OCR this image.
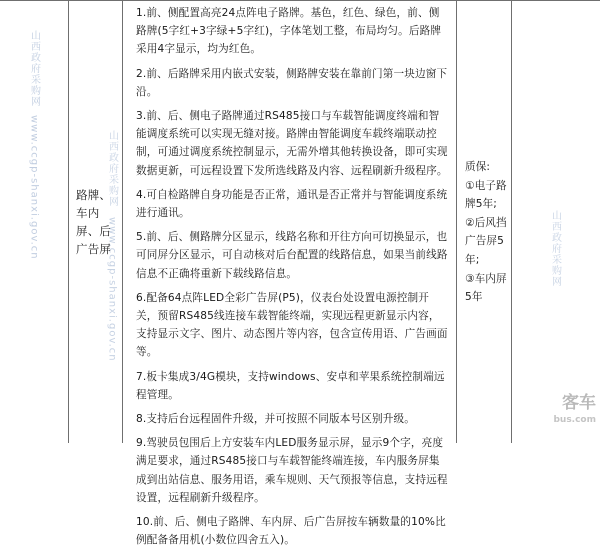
山西政府采购网
www.ccgp-shanxi.gov.cn	路牌、车内屏、后广告屏
山西政府采购网
www.ccgp-shanxi.gov.cn

1.前、侧配置高亮24点阵电子路牌。基色，红色、绿色，前、侧路牌(5字红+3字绿+5字红)，字体笔划工整，布局均匀。后路牌采用4字显示，均为红色。

2.前、后路牌采用内嵌式安装，侧路牌安装在靠前门第一块边窗下沿。

3.前、后、侧电子路牌通过RS485接口与车载智能调度终端和智能调度系统可以实现无缝对接。路牌由智能调度车载终端联动控制，可通过调度系统控制显示，无需外增其他转换设备，即可实现数据更新，可远程设置下发所选线路及内容、远程刷新升级程序。

4.可自检路牌自身功能是否正常，通讯是否正常并与智能调度系统进行通讯。

5.前、后、侧路牌分区显示，线路名称和开往方向可切换显示，也可同屏分区显示，可自动核对后台配置的线路信息，如果当前线路信息不正确将重新下载线路信息。

6.配备64点阵LED全彩广告屏(P5)，仪表台处设置电源控制开关，预留RS485线连接车载智能终端，实现远程更新显示内容，支持显示文字、图片、动态图片等内容，包含宣传用语、广告画面等。

7.板卡集成3/4G模块，支持windows、安卓和苹果系统控制端远程管理。

8.支持后台远程固件升级，并可按照不同版本号区别升级。

9.驾驶员包围后上方安装车内LED服务显示屏，显示9个字，亮度满足要求，通过RS485接口与车载智能终端连接，车内服务屏集成到出站信息、服务用语，乘车规则、天气预报等信息，支持远程设置，远程刷新升级程序。

10.前、后、侧电子路牌、车内屏、后广告屏按车辆数量的10%比例配备备用机(小数位四舍五入)。

质保:

①电子路牌5年;

②后风挡广告屏5年;

③车内屏5年

山西政府采购网
客车
bus.com
